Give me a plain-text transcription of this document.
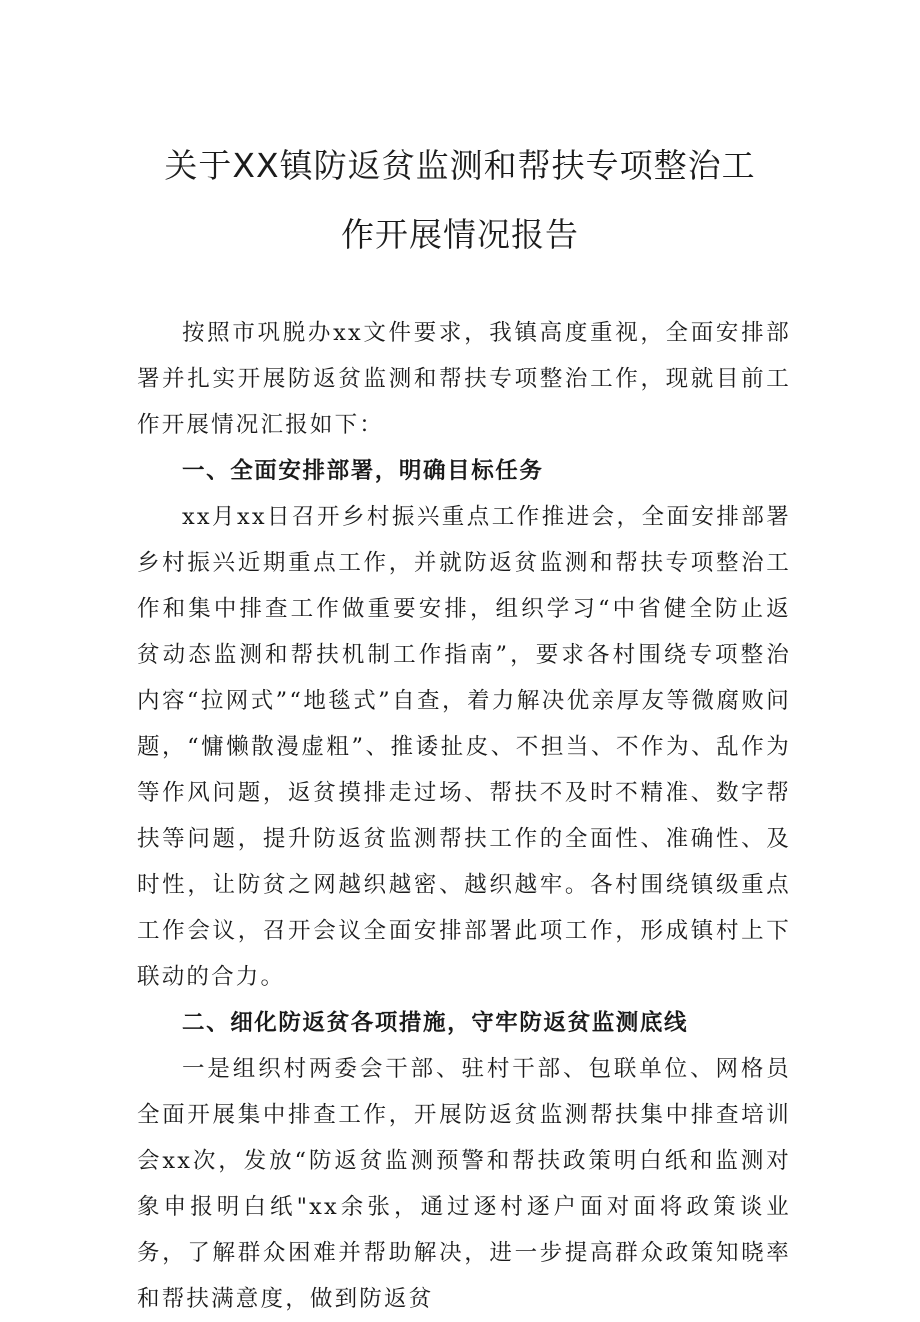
关于XX镇防返贫监测和帮扶专项整治工
作开展情况报告

按照市巩脱办xx文件要求，我镇高度重视，全面安排部署并扎实开展防返贫监测和帮扶专项整治工作，现就目前工作开展情况汇报如下：

一、全面安排部署，明确目标任务

xx月xx日召开乡村振兴重点工作推进会，全面安排部署乡村振兴近期重点工作，并就防返贫监测和帮扶专项整治工作和集中排查工作做重要安排，组织学习“中省健全防止返贫动态监测和帮扶机制工作指南”，要求各村围绕专项整治内容“拉网式”“地毯式”自查，着力解决优亲厚友等微腐败问题，“慵懒散漫虚粗”、推诿扯皮、不担当、不作为、乱作为等作风问题，返贫摸排走过场、帮扶不及时不精准、数字帮扶等问题，提升防返贫监测帮扶工作的全面性、准确性、及时性，让防贫之网越织越密、越织越牢。各村围绕镇级重点工作会议，召开会议全面安排部署此项工作，形成镇村上下联动的合力。

二、细化防返贫各项措施，守牢防返贫监测底线

一是组织村两委会干部、驻村干部、包联单位、网格员全面开展集中排查工作，开展防返贫监测帮扶集中排查培训会xx次，发放“防返贫监测预警和帮扶政策明白纸和监测对象申报明白纸"xx余张，通过逐村逐户面对面将政策谈业务，了解群众困难并帮助解决，进一步提高群众政策知晓率和帮扶满意度，做到防返贫
